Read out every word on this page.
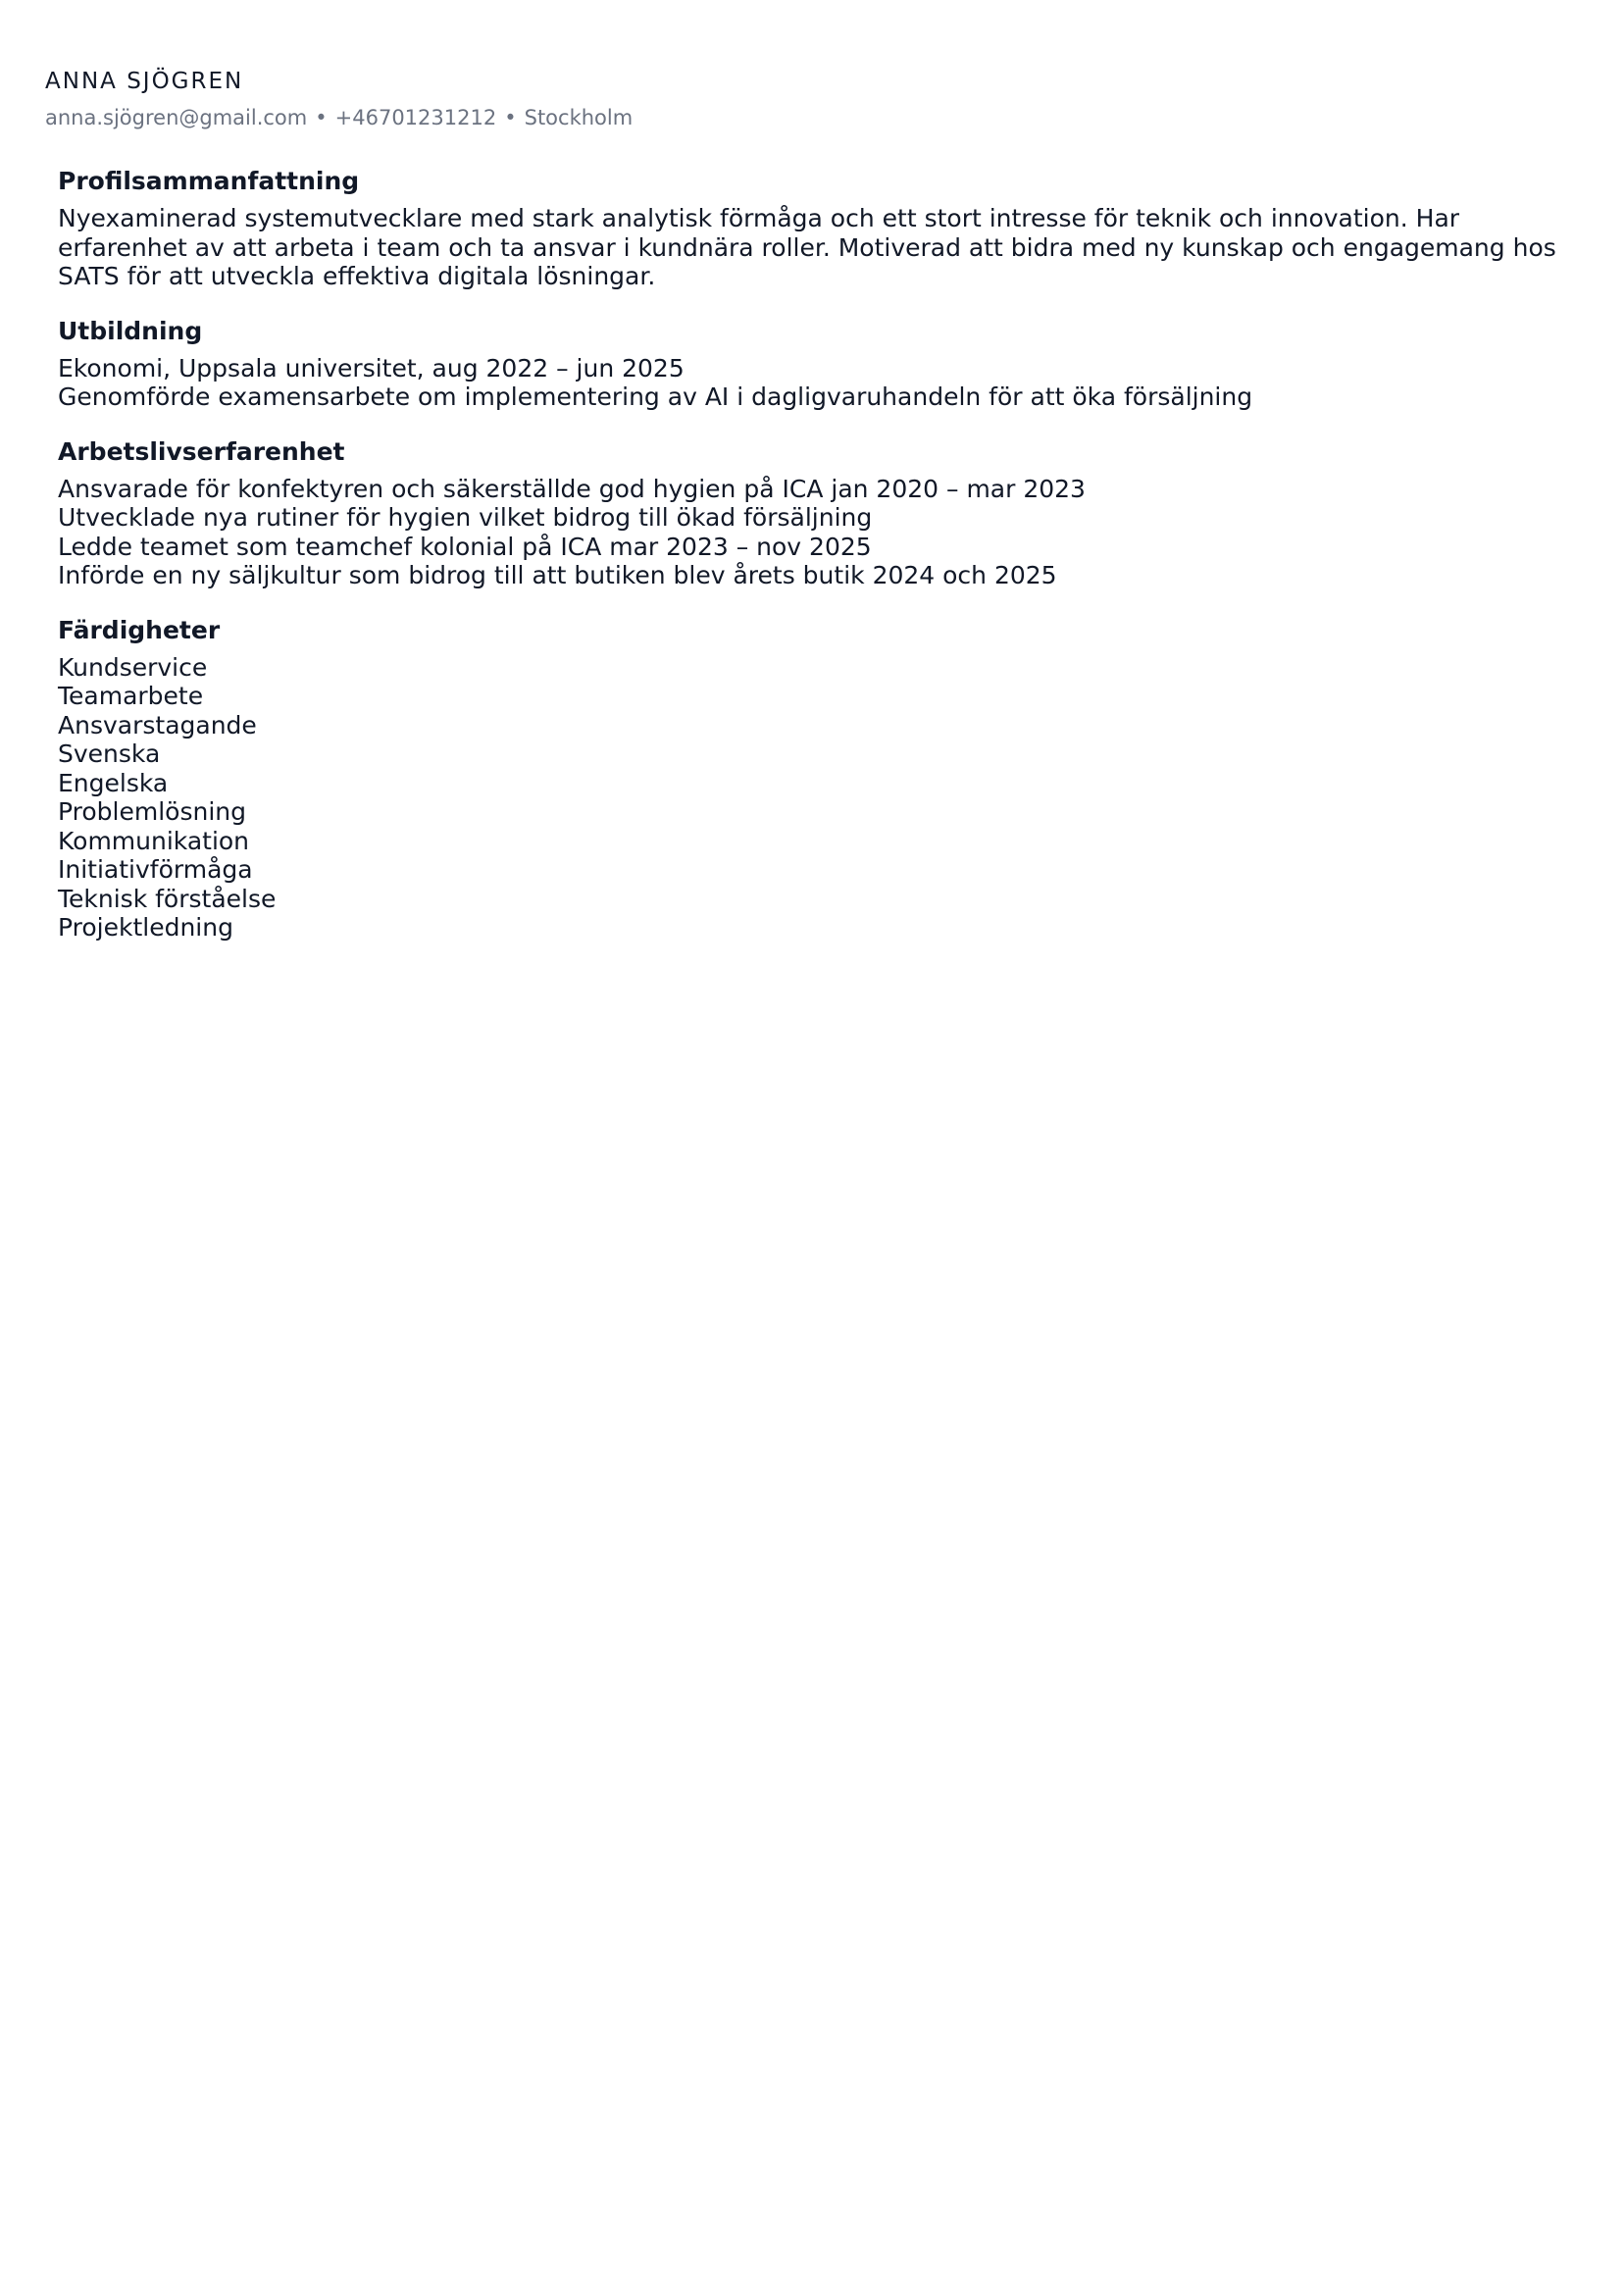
ANNA SJÖGREN
anna.sjögren@gmail.com • +46701231212 • Stockholm
Profilsammanfattning

Nyexaminerad systemutvecklare med stark analytisk förmåga och ett stort intresse för teknik och innovation. Har erfarenhet av att arbeta i team och ta ansvar i kundnära roller. Motiverad att bidra med ny kunskap och engagemang hos SATS för att utveckla effektiva digitala lösningar.

Utbildning

Ekonomi, Uppsala universitet, aug 2022 – jun 2025

Genomförde examensarbete om implementering av AI i dagligvaruhandeln för att öka försäljning

Arbetslivserfarenhet

Ansvarade för konfektyren och säkerställde god hygien på ICA jan 2020 – mar 2023

Utvecklade nya rutiner för hygien vilket bidrog till ökad försäljning

Ledde teamet som teamchef kolonial på ICA mar 2023 – nov 2025

Införde en ny säljkultur som bidrog till att butiken blev årets butik 2024 och 2025

Färdigheter

Kundservice

Teamarbete

Ansvarstagande

Svenska

Engelska

Problemlösning

Kommunikation

Initiativförmåga

Teknisk förståelse

Projektledning
